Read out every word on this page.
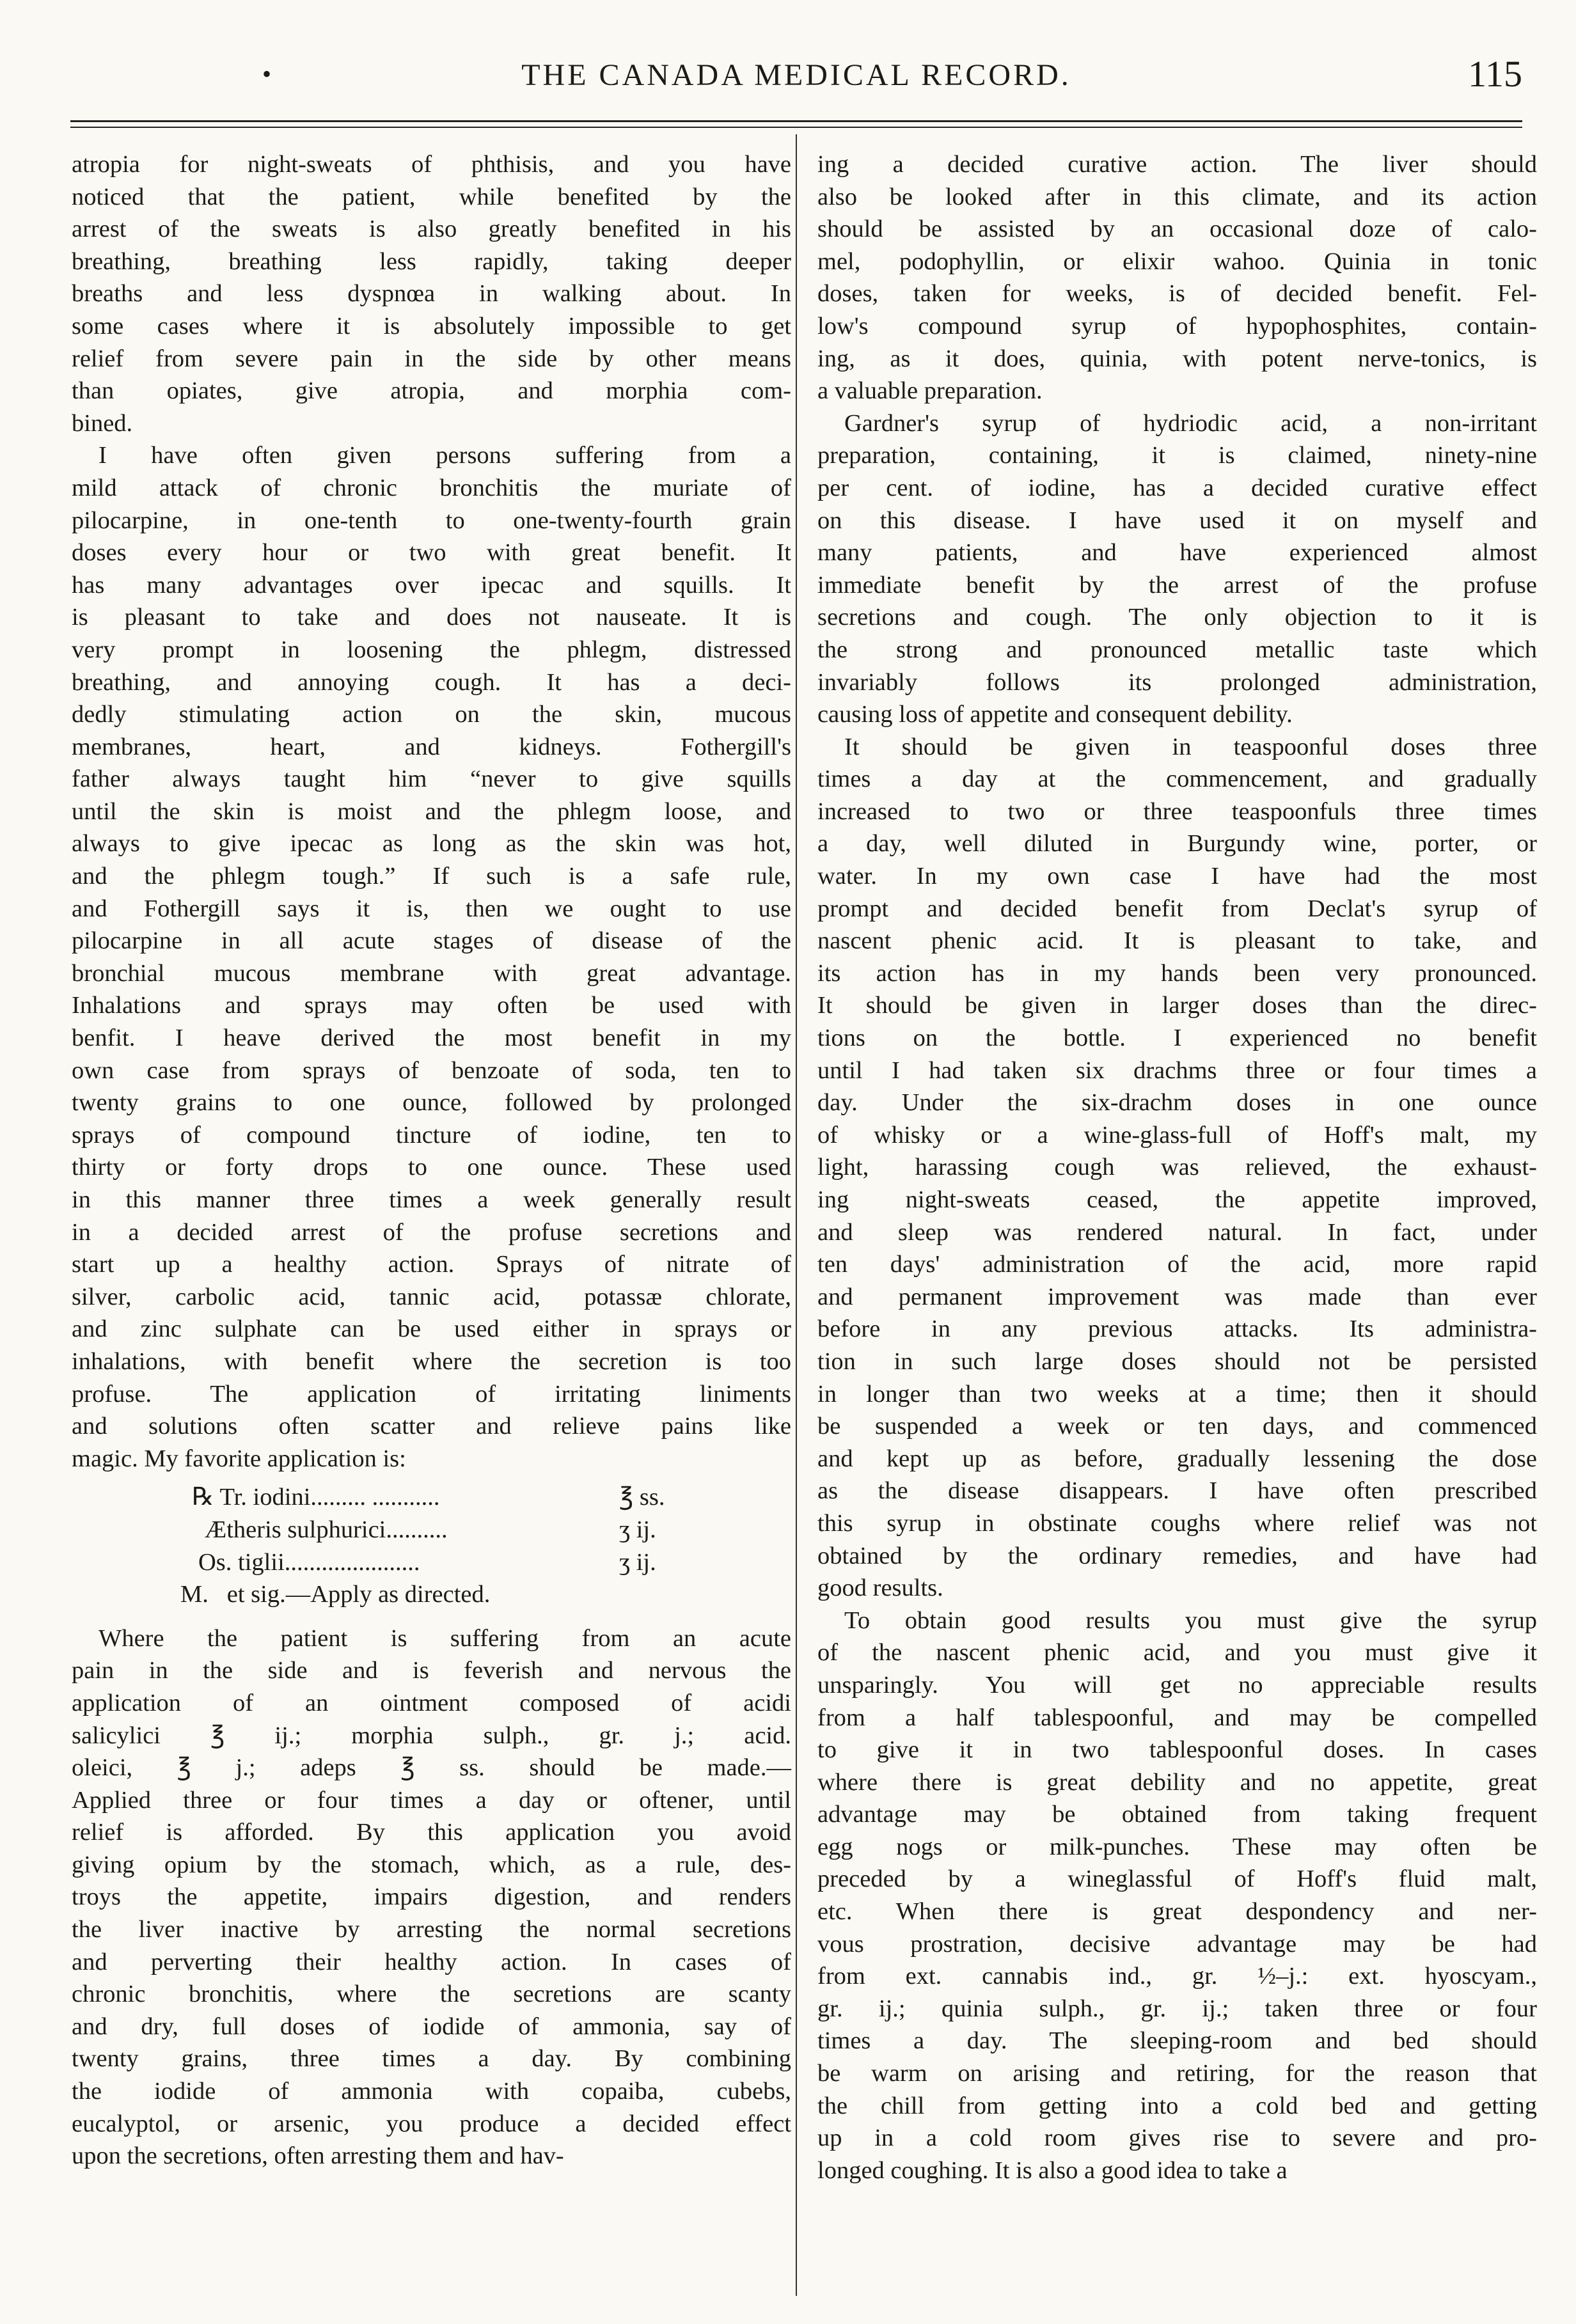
•	THE CANADA MEDICAL RECORD.	115

atropia for night-sweats of phthisis, and you have

noticed that the patient, while benefited by the

arrest of the sweats is also greatly benefited in his

breathing, breathing less rapidly, taking deeper

breaths and less dyspnœa in walking about. In

some cases where it is absolutely impossible to get

relief from severe pain in the side by other means

than opiates, give atropia, and morphia com-

bined.

I have often given persons suffering from a

mild attack of chronic bronchitis the muriate of

pilocarpine, in one-tenth to one-twenty-fourth grain

doses every hour or two with great benefit. It

has many advantages over ipecac and squills. It

is pleasant to take and does not nauseate. It is

very prompt in loosening the phlegm, distressed

breathing, and annoying cough. It has a deci-

dedly stimulating action on the skin, mucous

membranes, heart, and kidneys. Fothergill's

father always taught him “never to give squills

until the skin is moist and the phlegm loose, and

always to give ipecac as long as the skin was hot,

and the phlegm tough.” If such is a safe rule,

and Fothergill says it is, then we ought to use

pilocarpine in all acute stages of disease of the

bronchial mucous membrane with great advantage.

Inhalations and sprays may often be used with

benfit. I heave derived the most benefit in my

own case from sprays of benzoate of soda, ten to

twenty grains to one ounce, followed by prolonged

sprays of compound tincture of iodine, ten to

thirty or forty drops to one ounce. These used

in this manner three times a week generally result

in a decided arrest of the profuse secretions and

start up a healthy action. Sprays of nitrate of

silver, carbolic acid, tannic acid, potassæ chlorate,

and zinc sulphate can be used either in sprays or

inhalations, with benefit where the secretion is too

profuse. The application of irritating liniments

and solutions often scatter and relieve pains like

magic. My favorite application is:

℞ Tr. iodini......... ...........	℥ ss.
Ætheris sulphurici..........	ʒ ij.
Os. tiglii......................	ʒ ij.
M.   et sig.—Apply as directed.

Where the patient is suffering from an acute

pain in the side and is feverish and nervous the

application of an ointment composed of acidi

salicylici ℥ ij.; morphia sulph., gr. j.; acid.

oleici, ℥ j.; adeps ℥ ss. should be made.—

Applied three or four times a day or oftener, until

relief is afforded. By this application you avoid

giving opium by the stomach, which, as a rule, des-

troys the appetite, impairs digestion, and renders

the liver inactive by arresting the normal secretions

and perverting their healthy action. In cases of

chronic bronchitis, where the secretions are scanty

and dry, full doses of iodide of ammonia, say of

twenty grains, three times a day. By combining

the iodide of ammonia with copaiba, cubebs,

eucalyptol, or arsenic, you produce a decided effect

upon the secretions, often arresting them and hav-

ing a decided curative action. The liver should

also be looked after in this climate, and its action

should be assisted by an occasional doze of calo-

mel, podophyllin, or elixir wahoo. Quinia in tonic

doses, taken for weeks, is of decided benefit. Fel-

low's compound syrup of hypophosphites, contain-

ing, as it does, quinia, with potent nerve-tonics, is

a valuable preparation.

Gardner's syrup of hydriodic acid, a non-irritant

preparation, containing, it is claimed, ninety-nine

per cent. of iodine, has a decided curative effect

on this disease. I have used it on myself and

many patients, and have experienced almost

immediate benefit by the arrest of the profuse

secretions and cough. The only objection to it is

the strong and pronounced metallic taste which

invariably follows its prolonged administration,

causing loss of appetite and consequent debility.

It should be given in teaspoonful doses three

times a day at the commencement, and gradually

increased to two or three teaspoonfuls three times

a day, well diluted in Burgundy wine, porter, or

water. In my own case I have had the most

prompt and decided benefit from Declat's syrup of

nascent phenic acid. It is pleasant to take, and

its action has in my hands been very pronounced.

It should be given in larger doses than the direc-

tions on the bottle. I experienced no benefit

until I had taken six drachms three or four times a

day. Under the six-drachm doses in one ounce

of whisky or a wine-glass-full of Hoff's malt, my

light, harassing cough was relieved, the exhaust-

ing night-sweats ceased, the appetite improved,

and sleep was rendered natural. In fact, under

ten days' administration of the acid, more rapid

and permanent improvement was made than ever

before in any previous attacks. Its administra-

tion in such large doses should not be persisted

in longer than two weeks at a time; then it should

be suspended a week or ten days, and commenced

and kept up as before, gradually lessening the dose

as the disease disappears. I have often prescribed

this syrup in obstinate coughs where relief was not

obtained by the ordinary remedies, and have had

good results.

To obtain good results you must give the syrup

of the nascent phenic acid, and you must give it

unsparingly. You will get no appreciable results

from a half tablespoonful, and may be compelled

to give it in two tablespoonful doses. In cases

where there is great debility and no appetite, great

advantage may be obtained from taking frequent

egg nogs or milk-punches. These may often be

preceded by a wineglassful of Hoff's fluid malt,

etc. When there is great despondency and ner-

vous prostration, decisive advantage may be had

from ext. cannabis ind., gr. ½–j.: ext. hyoscyam.,

gr. ij.; quinia sulph., gr. ij.; taken three or four

times a day. The sleeping-room and bed should

be warm on arising and retiring, for the reason that

the chill from getting into a cold bed and getting

up in a cold room gives rise to severe and pro-

longed coughing. It is also a good idea to take a
